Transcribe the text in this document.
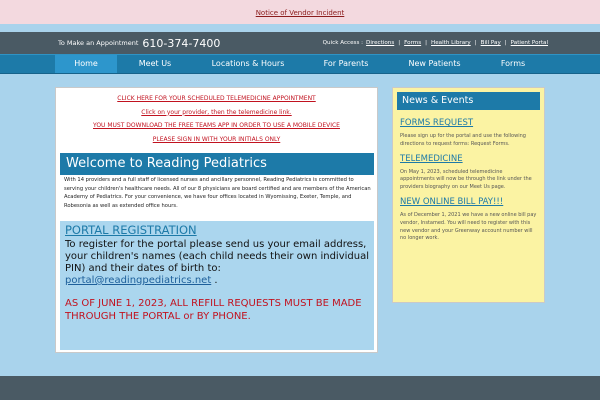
Notice of Vendor Incident
To Make an Appointment 610-374-7400	Quick Access : Directions | Forms | Health Library | Bill Pay | Patient Portal
Home	Meet Us	Locations & Hours	For Parents	New Patients	Forms
CLICK HERE FOR YOUR SCHEDULED TELEMEDICINE APPOINTMENT
Click on your provider, then the telemedicine link.
YOU MUST DOWNLOAD THE FREE TEAMS APP IN ORDER TO USE A MOBILE DEVICE
PLEASE SIGN IN WITH YOUR INITIALS ONLY
Welcome to Reading Pediatrics
With 14 providers and a full staff of licensed nurses and ancillary personnel, Reading Pediatrics is committed to serving your children's healthcare needs. All of our 8 physicians are board certified and are members of the American Academy of Pediatrics. For your convenience, we have four offices located in Wyomissing, Exeter, Temple, and Robesonia as well as extended office hours.
PORTAL REGISTRATION
To register for the portal please send us your email address, your children's names (each child needs their own individual PIN) and their dates of birth to: portal@readingpediatrics.net .
AS OF JUNE 1, 2023, ALL REFILL REQUESTS MUST BE MADE THROUGH THE PORTAL or BY PHONE.
News & Events
FORMS REQUEST
Please sign up for the portal and use the following directions to request forms: Request Forms.
TELEMEDICINE
On May 1, 2023, scheduled telemedicine appointments will now be through the link under the providers biography on our Meet Us page.
NEW ONLINE BILL PAY!!!
As of December 1, 2021 we have a new online bill pay vendor, Instamed. You will need to register with this new vendor and your Greenway account number will no longer work.
